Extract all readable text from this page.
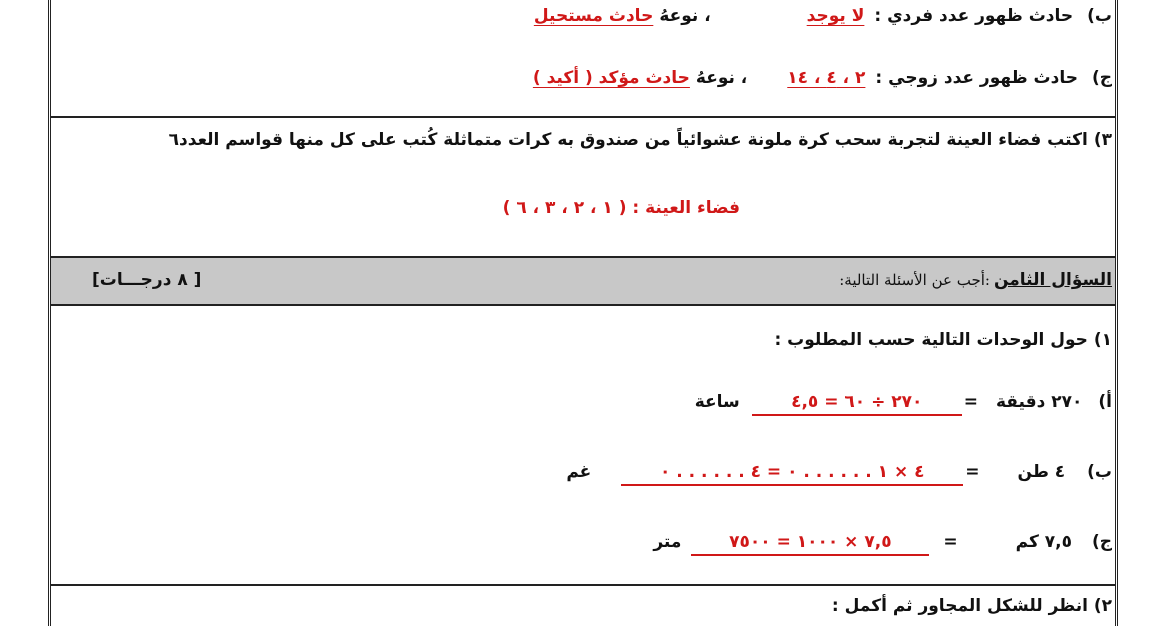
ب)
حادث ظهور عدد فردي :
لا يوجد
، نوعهُ
حادث مستحيل
ج)
حادث ظهور عدد زوجي :
٢ ، ٤ ، ١٤
، نوعهُ
حادث مؤكد ( أكيد )
٣)
اكتب فضاء العينة لتجربة سحب كرة ملونة عشوائياً من صندوق به كرات متماثلة كُتب على كل منها قواسم العدد٦
فضاء العينة : ( ١ ، ٢ ، ٣ ، ٦ )
السؤال الثامن
:أجب عن الأسئلة التالية:
[ ٨ درجـــات]
١) حول الوحدات التالية حسب المطلوب :
أ)
٢٧٠ دقيقة
=
٢٧٠ ÷ ٦٠ = ٤,٥
ساعة
ب)
٤ طن
=
٤ × ١ . . . . . . ٠ = ٤ . . . . . . ٠
غم
ج)
٧,٥ كم
=
٧,٥ × ١٠٠٠ = ٧٥٠٠
متر
٢) انظر للشكل المجاور ثم أكمل :
